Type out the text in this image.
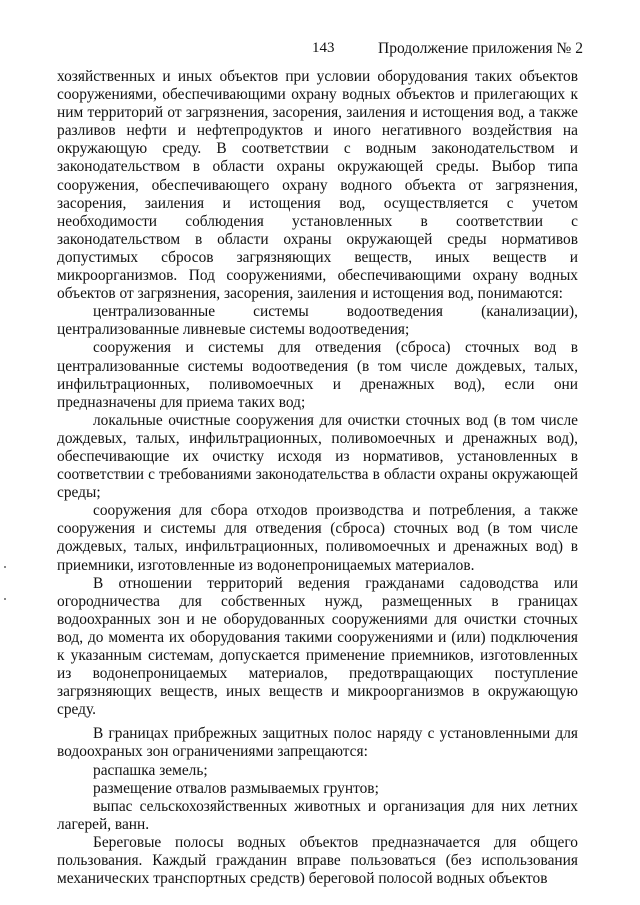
143	Продолжение приложения № 2

хозяйственных и иных объектов при условии оборудования таких объектов сооружениями, обеспечивающими охрану водных объектов и прилегающих к ним территорий от загрязнения, засорения, заиления и истощения вод, а также разливов нефти и нефтепродуктов и иного негативного воздействия на окружающую среду. В соответствии с водным законодательством и законодательством в области охраны окружающей среды. Выбор типа сооружения, обеспечивающего охрану водного объекта от загрязнения, засорения, заиления и истощения вод, осуществляется с учетом необходимости соблюдения установленных в соответствии с законодательством в области охраны окружающей среды нормативов допустимых сбросов загрязняющих веществ, иных веществ и микроорганизмов. Под сооружениями, обеспечивающими охрану водных объектов от загрязнения, засорения, заиления и истощения вод, понимаются:

централизованные системы водоотведения (канализации), централизованные ливневые системы водоотведения;

сооружения и системы для отведения (сброса) сточных вод в централизованные системы водоотведения (в том числе дождевых, талых, инфильтрационных, поливомоечных и дренажных вод), если они предназначены для приема таких вод;

локальные очистные сооружения для очистки сточных вод (в том числе дождевых, талых, инфильтрационных, поливомоечных и дренажных вод), обеспечивающие их очистку исходя из нормативов, установленных в соответствии с требованиями законодательства в области охраны окружающей среды;

сооружения для сбора отходов производства и потребления, а также сооружения и системы для отведения (сброса) сточных вод (в том числе дождевых, талых, инфильтрационных, поливомоечных и дренажных вод) в приемники, изготовленные из водонепроницаемых материалов.

В отношении территорий ведения гражданами садоводства или огородничества для собственных нужд, размещенных в границах водоохранных зон и не оборудованных сооружениями для очистки сточных вод, до момента их оборудования такими сооружениями и (или) подключения к указанным системам, допускается применение приемников, изготовленных из водонепроницаемых материалов, предотвращающих поступление загрязняющих веществ, иных веществ и микроорганизмов в окружающую среду.

В границах прибрежных защитных полос наряду с установленными для водоохраных зон ограничениями запрещаются:

распашка земель;

размещение отвалов размываемых грунтов;

выпас сельскохозяйственных животных и организация для них летних лагерей, ванн.

Береговые полосы водных объектов предназначается для общего пользования. Каждый гражданин вправе пользоваться (без использования механических транспортных средств) береговой полосой водных объектов
